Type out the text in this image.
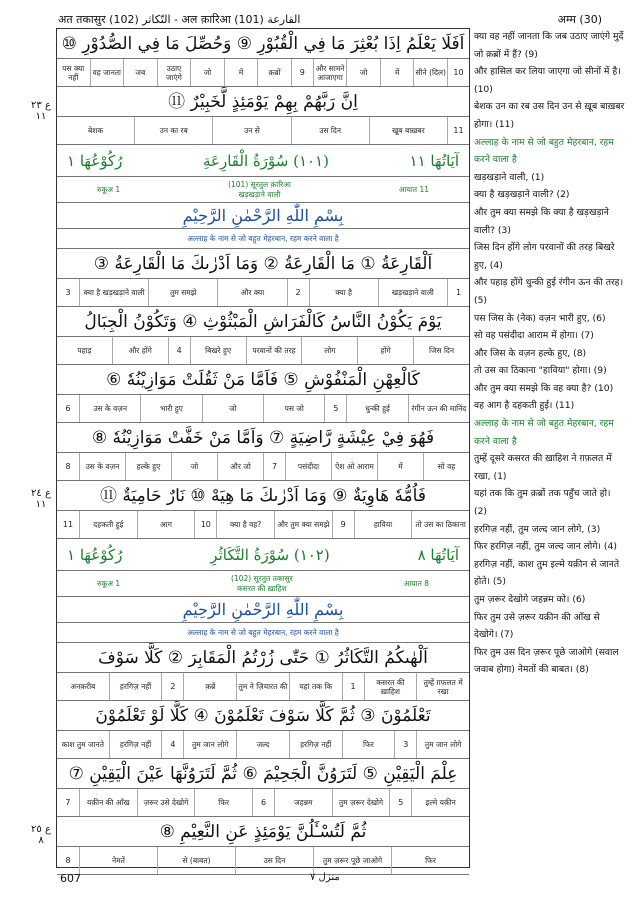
अत तकासुर (102) التّكاثر - अल क़ारिआ (101) القارعة	अम्म (30)
ع ٢٣
١١
ع ٢٤
١١
ع ٢٥
٨
اَفَلَا يَعْلَمُ اِذَا بُعْثِرَ مَا فِي الْقُبُوْرِ ⑨ وَحُصِّلَ مَا فِي الصُّدُوْرِ ⑩
10
सीने (दिल)
में
जो
और सामने आजाएगा
9
क़ब्रों
में
जो
उठाए जाएंगे
जब
वह जानता
पस क्या नहीं
اِنَّ رَبَّهُمْ بِهِمْ يَوْمَئِذٍ لَّخَبِيْرٌ ⑪
11
खूब बाख़बर
उस दिन
उन से
उन का रब
बेशक
آيَاتُهَا ١١
(١٠١) سُوْرَةُ الْقَارِعَةِ
رُكُوْعُهَا ١
रुकूअ 1
(101) सूरतुल क़ारिआ
खड़खड़ाने वाली
आयात 11
بِسْمِ اللّٰهِ الرَّحْمٰنِ الرَّحِيْمِ
अल्लाह के नाम से जो बहुत मेहरबान, रहम करने वाला है
اَلْقَارِعَةُ ① مَا الْقَارِعَةُ ② وَمَا اَدْرٰىكَ مَا الْقَارِعَةُ ③
1
खड़खड़ाने वाली
क्या है
2
और क्या
तुम समझे
क्या है खड़खड़ाने वाली
3
يَوْمَ يَكُوْنُ النَّاسُ كَالْفَرَاشِ الْمَبْثُوْثِ ④ وَتَكُوْنُ الْجِبَالُ
जिस दिन
होंगे
लोग
परवानों की तरह
बिखरे हुए
4
और होंगे
पहाड़
كَالْعِهْنِ الْمَنْفُوْشِ ⑤ فَاَمَّا مَنْ ثَقُلَتْ مَوَازِيْنُهٗ ⑥
रंगीन ऊन की मानिंद
धुन्की हुई
5
पस जो
जो
भारी हुए
उस के वज़न
6
فَهُوَ فِيْ عِيْشَةٍ رَّاضِيَةٍ ⑦ وَاَمَّا مَنْ خَفَّتْ مَوَازِيْنُهٗ ⑧
सो वह
में
ऐश ओ आराम
पसंदीदा
7
और जो
जो
हल्के हुए
उस के वज़न
8
فَاُمُّهٗ هَاوِيَةٌ ⑨ وَمَا اَدْرٰىكَ مَا هِيَهْ ⑩ نَارٌ حَامِيَةٌ ⑪
तो उस का ठिकाना
हाविया
9
और तुम क्या समझे
क्या है वह?
10
आग
दहकती हुई
11
آيَاتُهَا ٨
(١٠٢) سُوْرَةُ التَّكَاثُرِ
رُكُوْعُهَا ١
रुकूअ 1
(102) सूरतुत तकासुर
कसरत की ख़ाहिश
आयात 8
بِسْمِ اللّٰهِ الرَّحْمٰنِ الرَّحِيْمِ
अल्लाह के नाम से जो बहुत मेहरबान, रहम करने वाला है
اَلْهٰىكُمُ التَّكَاثُرُ ① حَتّٰى زُرْتُمُ الْمَقَابِرَ ② كَلَّا سَوْفَ
तुम्हें ग़फ़लत में रखा
कसरत की ख़ाहिश
1
यहां तक कि
तुम ने ज़ियारत की
क़ब्रें
2
हरगिज़ नहीं
अनक़रीब
تَعْلَمُوْنَ ③ ثُمَّ كَلَّا سَوْفَ تَعْلَمُوْنَ ④ كَلَّا لَوْ تَعْلَمُوْنَ
तुम जान लोगे
3
फिर
हरगिज़ नहीं
जल्द
तुम जान लोगे
4
हरगिज़ नहीं
काश तुम जानते
عِلْمَ الْيَقِيْنِ ⑤ لَتَرَوُنَّ الْجَحِيْمَ ⑥ ثُمَّ لَتَرَوُنَّهَا عَيْنَ الْيَقِيْنِ ⑦
इल्मे यक़ीन
5
तुम ज़रूर देखोगे
जहन्नम
6
फिर
ज़रूर उसे देखोगे
यक़ीन की आँख
7
ثُمَّ لَتُسْـَٔلُنَّ يَوْمَئِذٍ عَنِ النَّعِيْمِ ⑧
फिर
तुम ज़रूर पूछे जाओगे
उस दिन
से (बाबत)
नेमतें
8

क्या वह नहीं जानता कि जब उठाए जाएंगे मुर्दे जो क़ब्रों में हैं? (9)

और हासिल कर लिया जाएगा जो सीनों में है। (10)

बेशक उन का रब उस दिन उन से ख़ूब बाख़बर होगा। (11)

अल्लाह के नाम से जो बहुत मेहरबान, रहम करने वाला है

खड़खड़ाने वाली, (1)

क्या है खड़खड़ाने वाली? (2)

और तुम क्या समझे कि क्या है खड़खड़ाने वाली? (3)

जिस दिन होंगे लोग परवानों की तरह बिखरे हुए, (4)

और पहाड़ होंगे धुन्की हुई रंगीन ऊन की तरह। (5)

पस जिस के (नेक) वज़न भारी हुए, (6)

सो वह पसंदीदा आराम में होगा। (7)

और जिस के वज़न हल्के हुए, (8)

तो उस का ठिकाना "हाविया" होगा। (9)

और तुम क्या समझे कि वह क्या है? (10)

वह आग है दहकती हुई। (11)

अल्लाह के नाम से जो बहुत मेहरबान, रहम करने वाला है

तुम्हें दूसरे कसरत की ख़ाहिश ने ग़फ़लत में रखा, (1)

यहां तक कि तुम क़ब्रों तक पहुँच जाते हो। (2)

हरगिज़ नहीं, तुम जल्द जान लोगे, (3)

फिर हरगिज़ नहीं, तुम जल्द जान लोगे। (4)

हरगिज़ नहीं, काश तुम इल्मे यक़ीन से जानते होते। (5)

तुम ज़रूर देखोगे जहन्नम को। (6)

फिर तुम उसे ज़रूर यक़ीन की आँख से देखोगे। (7)

फिर तुम उस दिन ज़रूर पूछे जाओगे (सवाल जवाब होगा) नेमतों की बाबत। (8)

607	منزل ٧
